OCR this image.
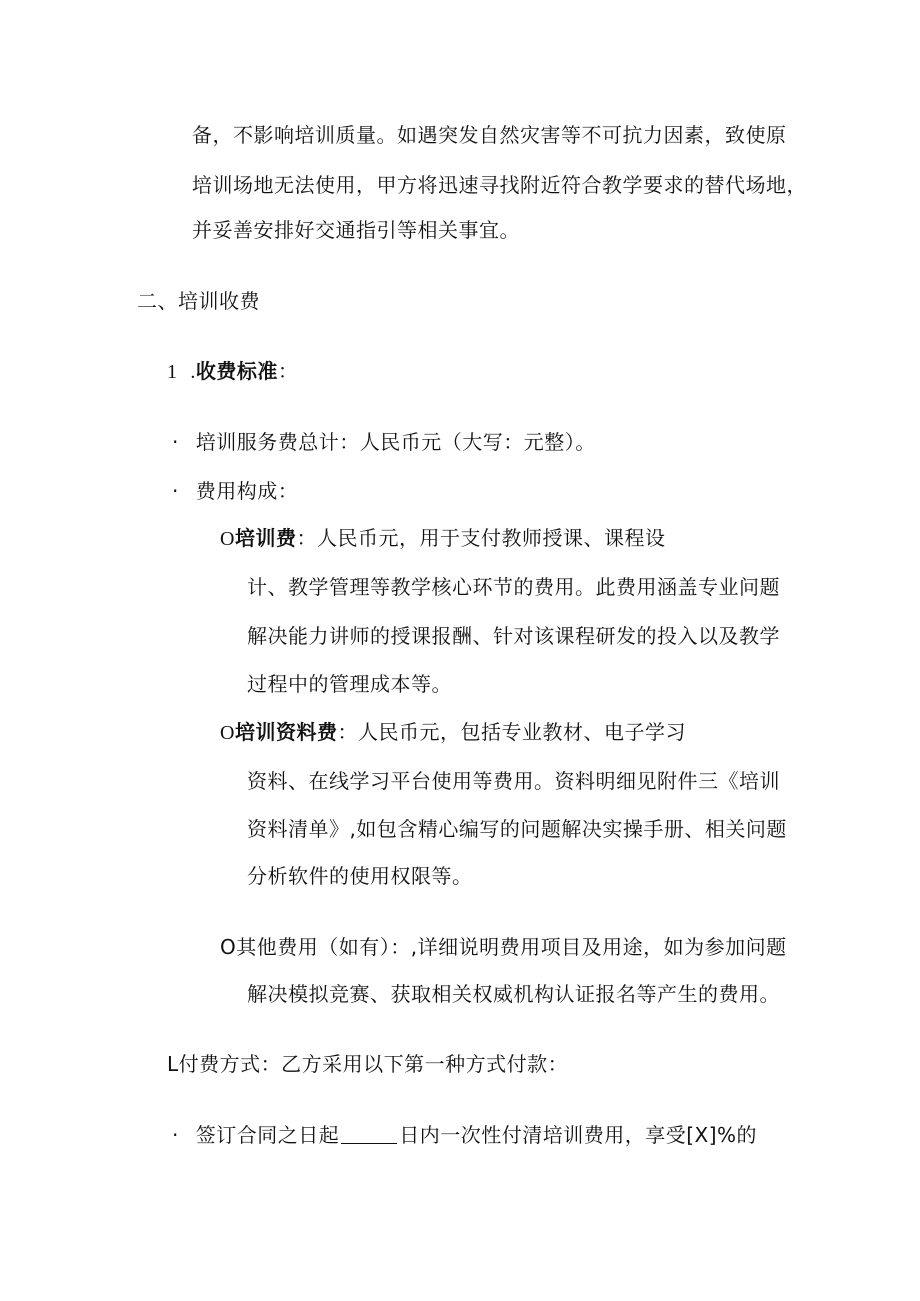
备，不影响培训质量。如遇突发自然灾害等不可抗力因素，致使原
培训场地无法使用，甲方将迅速寻找附近符合教学要求的替代场地，
并妥善安排好交通指引等相关事宜。
二、培训收费
1 .收费标准：
· 培训服务费总计：人民币元（大写：元整）。
· 费用构成：
O培训费：人民币元，用于支付教师授课、课程设
计、教学管理等教学核心环节的费用。此费用涵盖专业问题
解决能力讲师的授课报酬、针对该课程研发的投入以及教学
过程中的管理成本等。
O培训资料费：人民币元，包括专业教材、电子学习
资料、在线学习平台使用等费用。资料明细见附件三《培训
资料清单》,如包含精心编写的问题解决实操手册、相关问题
分析软件的使用权限等。
O其他费用（如有）：,详细说明费用项目及用途，如为参加问题
解决模拟竞赛、获取相关权威机构认证报名等产生的费用。
L付费方式：乙方采用以下第一种方式付款：
· 签订合同之日起	日内一次性付清培训费用，享受[X]%的
